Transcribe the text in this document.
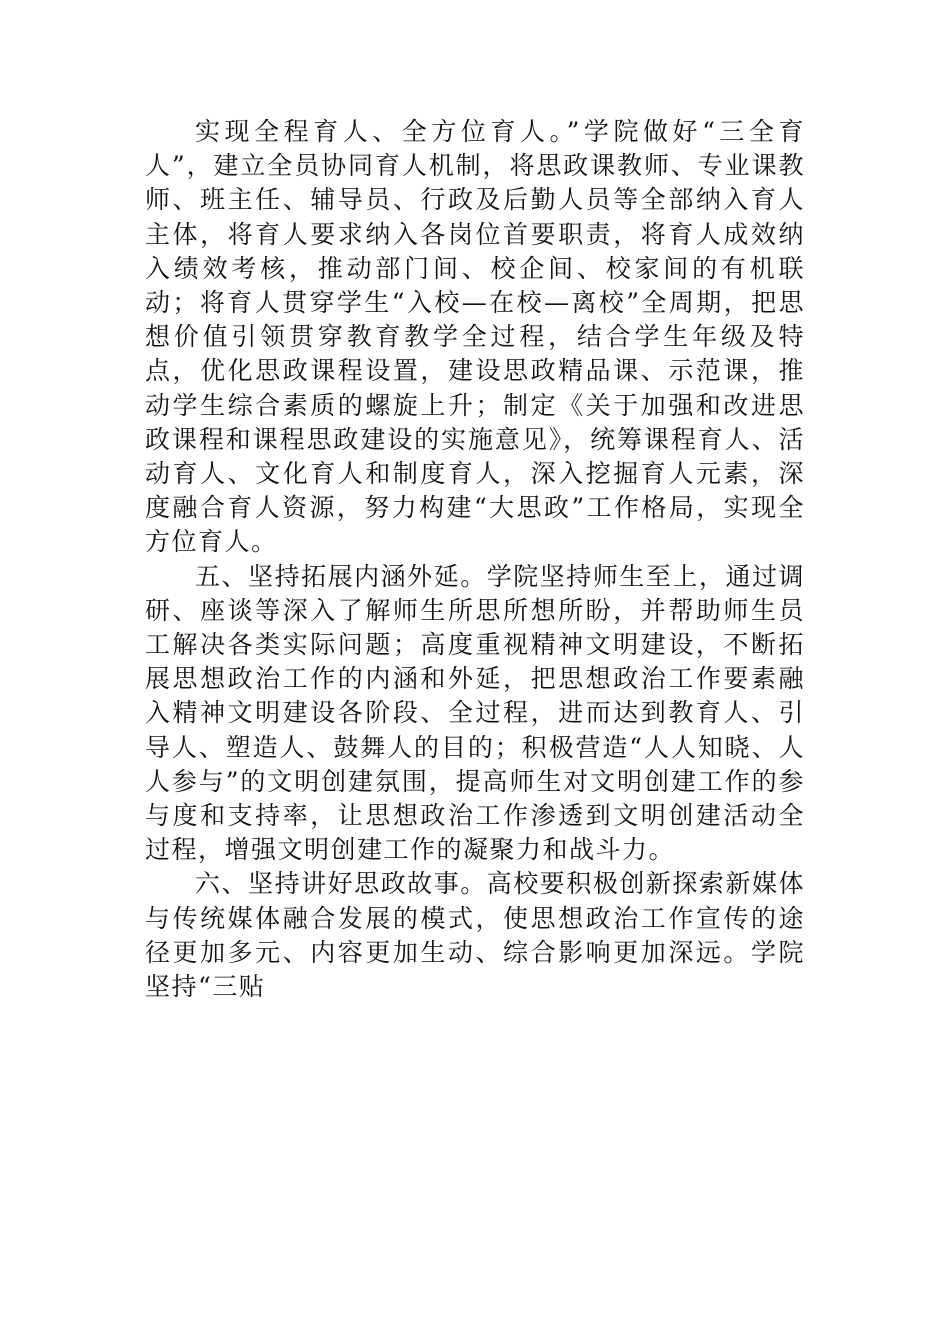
实现全程育人、全方位育人。”学院做好“三全育人”，建立全员协同育人机制，将思政课教师、专业课教师、班主任、辅导员、行政及后勤人员等全部纳入育人主体，将育人要求纳入各岗位首要职责，将育人成效纳入绩效考核，推动部门间、校企间、校家间的有机联动；将育人贯穿学生“入校—在校—离校”全周期，把思想价值引领贯穿教育教学全过程，结合学生年级及特点，优化思政课程设置，建设思政精品课、示范课，推动学生综合素质的螺旋上升；制定《关于加强和改进思政课程和课程思政建设的实施意见》，统筹课程育人、活动育人、文化育人和制度育人，深入挖掘育人元素，深度融合育人资源，努力构建“大思政”工作格局，实现全方位育人。

五、坚持拓展内涵外延。学院坚持师生至上，通过调研、座谈等深入了解师生所思所想所盼，并帮助师生员工解决各类实际问题；高度重视精神文明建设，不断拓展思想政治工作的内涵和外延，把思想政治工作要素融入精神文明建设各阶段、全过程，进而达到教育人、引导人、塑造人、鼓舞人的目的；积极营造“人人知晓、人人参与”的文明创建氛围，提高师生对文明创建工作的参与度和支持率，让思想政治工作渗透到文明创建活动全过程，增强文明创建工作的凝聚力和战斗力。

六、坚持讲好思政故事。高校要积极创新探索新媒体与传统媒体融合发展的模式，使思想政治工作宣传的途径更加多元、内容更加生动、综合影响更加深远。学院坚持“三贴
